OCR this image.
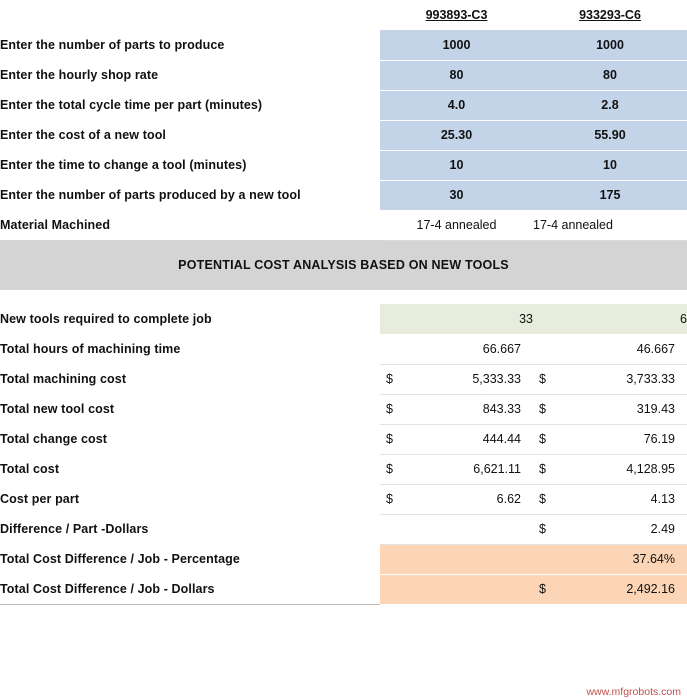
	993893-C3	933293-C6
Enter the number of parts to produce	1000	1000
Enter the hourly shop rate	80	80
Enter the total cycle time per part (minutes)	4.0	2.8
Enter the cost of a new tool	25.30	55.90
Enter the time to change a tool (minutes)	10	10
Enter the number of parts produced by a new tool	30	175
Material Machined	17-4 annealed	17-4 annealed
POTENTIAL COST ANALYSIS BASED ON NEW TOOLS		

New tools required to complete job	33	6
Total hours of machining time	66.667	46.667

Total machining cost	$ 5,333.33	$ 3,733.33

Total new tool cost	$ 843.33	$ 319.43

Total change cost	$ 444.44	$ 76.19

Total cost	$ 6,621.11	$ 4,128.95

Cost per part	$ 6.62	$ 4.13

Difference / Part -Dollars		$ 2.49

Total Cost Difference / Job - Percentage		37.64%

Total Cost Difference / Job - Dollars		$ 2,492.16

www.mfgrobots.com
